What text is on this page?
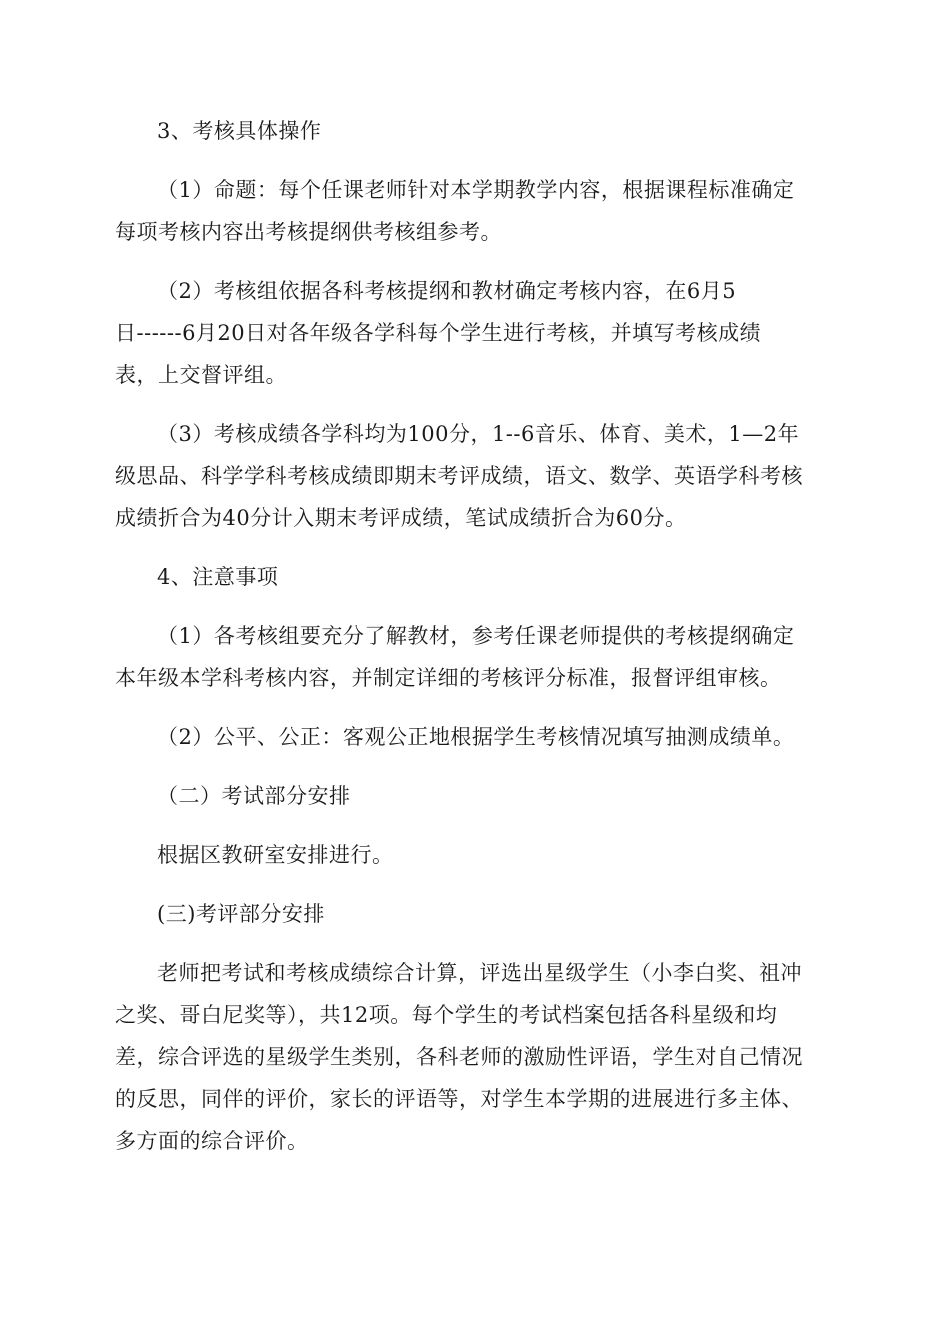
3、考核具体操作

（1）命题：每个任课老师针对本学期教学内容，根据课程标准确定
每项考核内容出考核提纲供考核组参考。

（2）考核组依据各科考核提纲和教材确定考核内容，在6月5
日------6月20日对各年级各学科每个学生进行考核，并填写考核成绩
表，上交督评组。

（3）考核成绩各学科均为100分，1--6音乐、体育、美术，1—2年
级思品、科学学科考核成绩即期末考评成绩，语文、数学、英语学科考核
成绩折合为40分计入期末考评成绩，笔试成绩折合为60分。

4、注意事项

（1）各考核组要充分了解教材，参考任课老师提供的考核提纲确定
本年级本学科考核内容，并制定详细的考核评分标准，报督评组审核。

（2）公平、公正：客观公正地根据学生考核情况填写抽测成绩单。

（二）考试部分安排

根据区教研室安排进行。

(三)考评部分安排

老师把考试和考核成绩综合计算，评选出星级学生（小李白奖、祖冲
之奖、哥白尼奖等），共12项。每个学生的考试档案包括各科星级和均
差，综合评选的星级学生类别，各科老师的激励性评语，学生对自己情况
的反思，同伴的评价，家长的评语等，对学生本学期的进展进行多主体、
多方面的综合评价。
